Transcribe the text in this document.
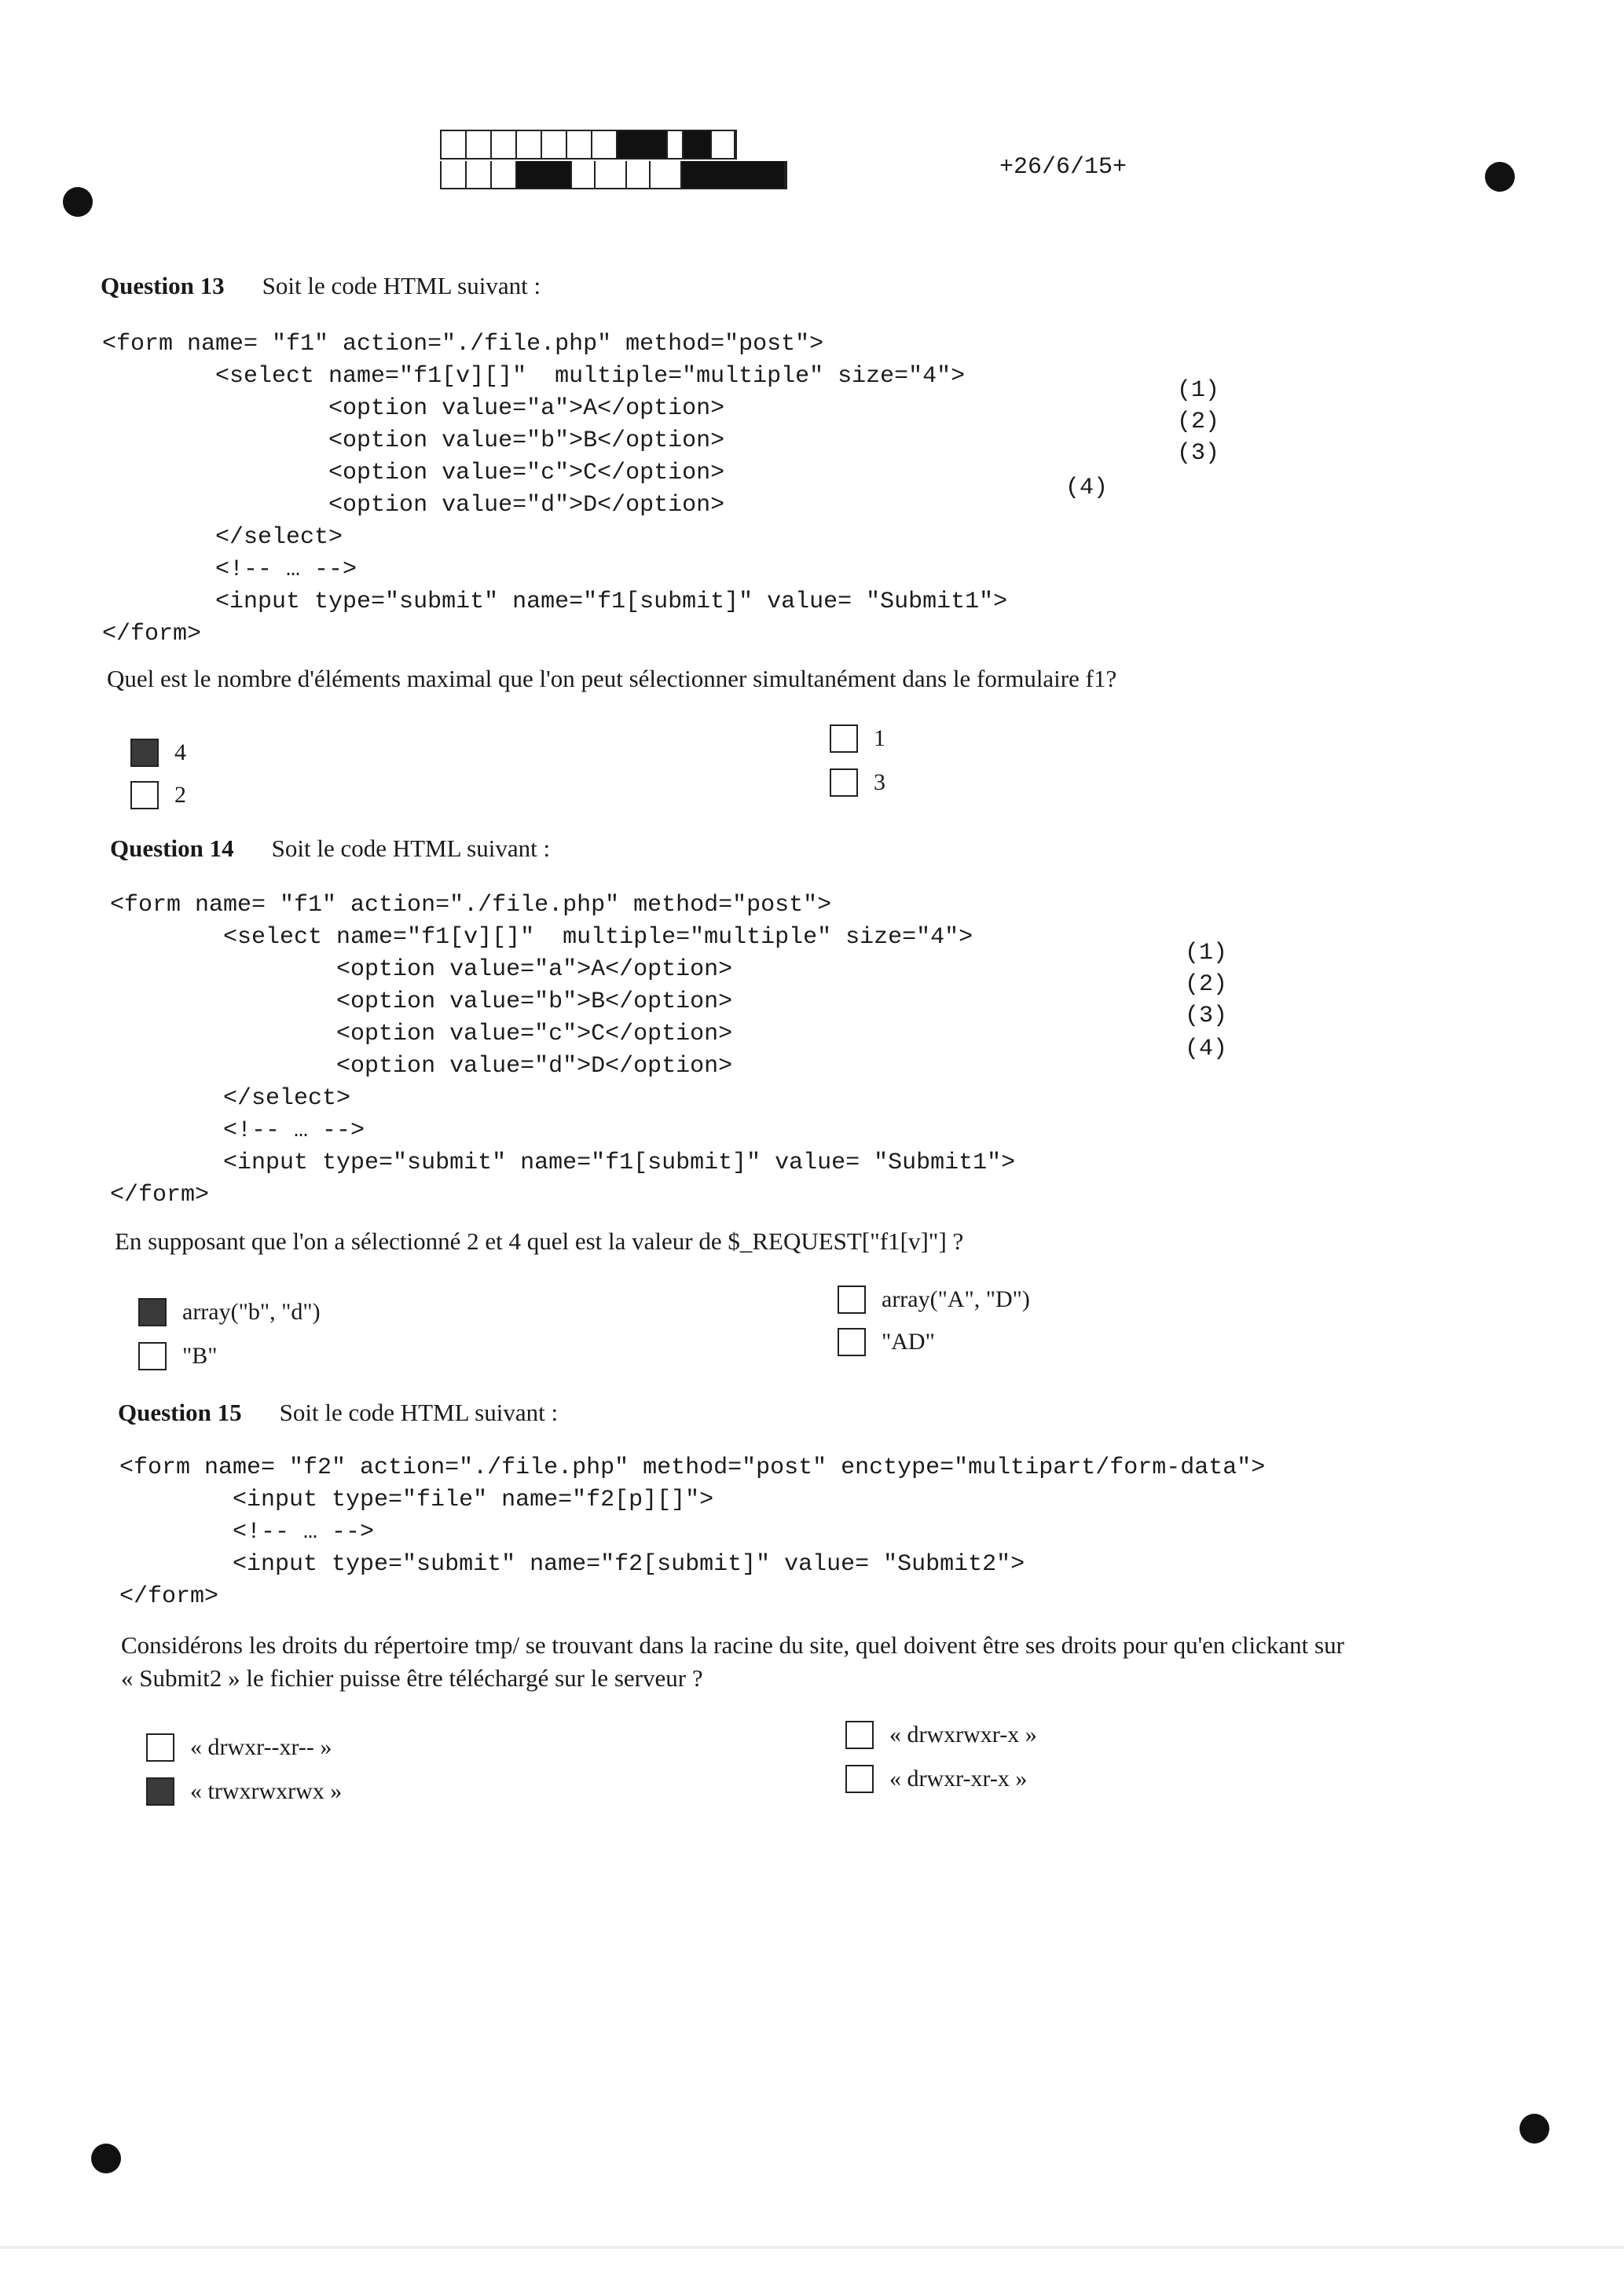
+26/6/15+
Question 13 Soit le code HTML suivant :
<form name= "f1" action="./file.php" method="post">
<select name="f1[v][]"  multiple="multiple" size="4">
<option value="a">A</option>
<option value="b">B</option>
<option value="c">C</option>
<option value="d">D</option>
</select>
<!-- … -->
<input type="submit" name="f1[submit]" value= "Submit1">
</form>
(1)
(2)
(3)
(4)
Quel est le nombre d'éléments maximal que l'on peut sélectionner simultanément dans le formulaire f1?
4
2
1
3
Question 14 Soit le code HTML suivant :
<form name= "f1" action="./file.php" method="post">
<select name="f1[v][]"  multiple="multiple" size="4">
<option value="a">A</option>
<option value="b">B</option>
<option value="c">C</option>
<option value="d">D</option>
</select>
<!-- … -->
<input type="submit" name="f1[submit]" value= "Submit1">
</form>
(1)
(2)
(3)
(4)
En supposant que l'on a sélectionné 2 et 4 quel est la valeur de $_REQUEST["f1[v]"] ?
array("b", "d")
"B"
array("A", "D")
"AD"
Question 15 Soit le code HTML suivant :
<form name= "f2" action="./file.php" method="post" enctype="multipart/form-data">
<input type="file" name="f2[p][]">
<!-- … -->
<input type="submit" name="f2[submit]" value= "Submit2">
</form>
Considérons les droits du répertoire tmp/ se trouvant dans la racine du site, quel doivent être ses droits pour qu'en clickant sur
« Submit2 » le fichier puisse être téléchargé sur le serveur ?
« drwxr--xr-- »
« trwxrwxrwx »
« drwxrwxr-x »
« drwxr-xr-x »
